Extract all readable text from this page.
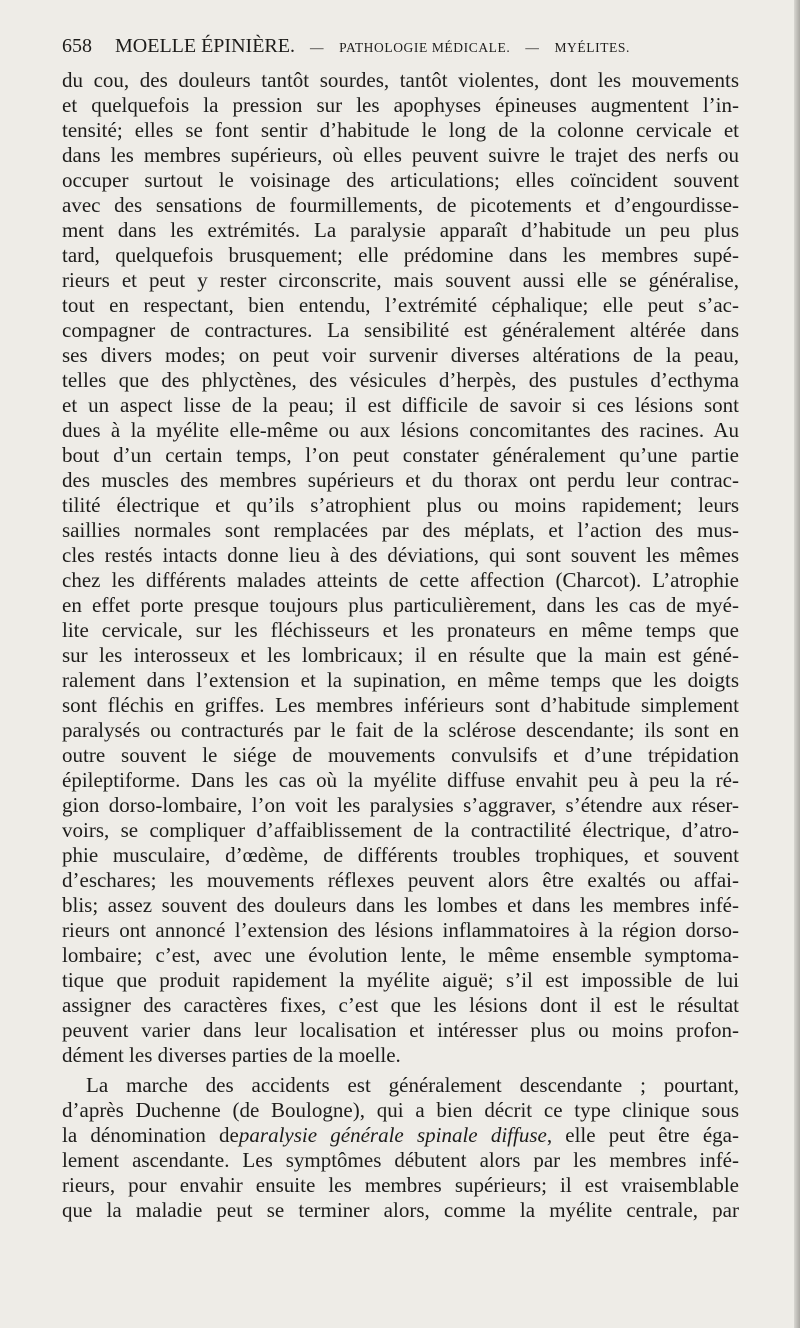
658 MOELLE ÉPINIÈRE. — PATHOLOGIE MÉDICALE. — MYÉLITES.
du cou, des douleurs tantôt sourdes, tantôt violentes, dont les mouvements
et quelquefois la pression sur les apophyses épineuses augmentent l’in-
tensité; elles se font sentir d’habitude le long de la colonne cervicale et
dans les membres supérieurs, où elles peuvent suivre le trajet des nerfs ou
occuper surtout le voisinage des articulations; elles coïncident souvent
avec des sensations de fourmillements, de picotements et d’engourdisse-
ment dans les extrémités. La paralysie apparaît d’habitude un peu plus
tard, quelquefois brusquement; elle prédomine dans les membres supé-
rieurs et peut y rester circonscrite, mais souvent aussi elle se généralise,
tout en respectant, bien entendu, l’extrémité céphalique; elle peut s’ac-
compagner de contractures. La sensibilité est généralement altérée dans
ses divers modes; on peut voir survenir diverses altérations de la peau,
telles que des phlyctènes, des vésicules d’herpès, des pustules d’ecthyma
et un aspect lisse de la peau; il est difficile de savoir si ces lésions sont
dues à la myélite elle-même ou aux lésions concomitantes des racines. Au
bout d’un certain temps, l’on peut constater généralement qu’une partie
des muscles des membres supérieurs et du thorax ont perdu leur contrac-
tilité électrique et qu’ils s’atrophient plus ou moins rapidement; leurs
saillies normales sont remplacées par des méplats, et l’action des mus-
cles restés intacts donne lieu à des déviations, qui sont souvent les mêmes
chez les différents malades atteints de cette affection (Charcot). L’atrophie
en effet porte presque toujours plus particulièrement, dans les cas de myé-
lite cervicale, sur les fléchisseurs et les pronateurs en même temps que
sur les interosseux et les lombricaux; il en résulte que la main est géné-
ralement dans l’extension et la supination, en même temps que les doigts
sont fléchis en griffes. Les membres inférieurs sont d’habitude simplement
paralysés ou contracturés par le fait de la sclérose descendante; ils sont en
outre souvent le siége de mouvements convulsifs et d’une trépidation
épileptiforme. Dans les cas où la myélite diffuse envahit peu à peu la ré-
gion dorso-lombaire, l’on voit les paralysies s’aggraver, s’étendre aux réser-
voirs, se compliquer d’affaiblissement de la contractilité électrique, d’atro-
phie musculaire, d’œdème, de différents troubles trophiques, et souvent
d’eschares; les mouvements réflexes peuvent alors être exaltés ou affai-
blis; assez souvent des douleurs dans les lombes et dans les membres infé-
rieurs ont annoncé l’extension des lésions inflammatoires à la région dorso-
lombaire; c’est, avec une évolution lente, le même ensemble symptoma-
tique que produit rapidement la myélite aiguë; s’il est impossible de lui
assigner des caractères fixes, c’est que les lésions dont il est le résultat
peuvent varier dans leur localisation et intéresser plus ou moins profon-
dément les diverses parties de la moelle.
La marche des accidents est généralement descendante ; pourtant,
d’après Duchenne (de Boulogne), qui a bien décrit ce type clinique sous
la dénomination deparalysie générale spinale diffuse, elle peut être éga-
lement ascendante. Les symptômes débutent alors par les membres infé-
rieurs, pour envahir ensuite les membres supérieurs; il est vraisemblable
que la maladie peut se terminer alors, comme la myélite centrale, par
